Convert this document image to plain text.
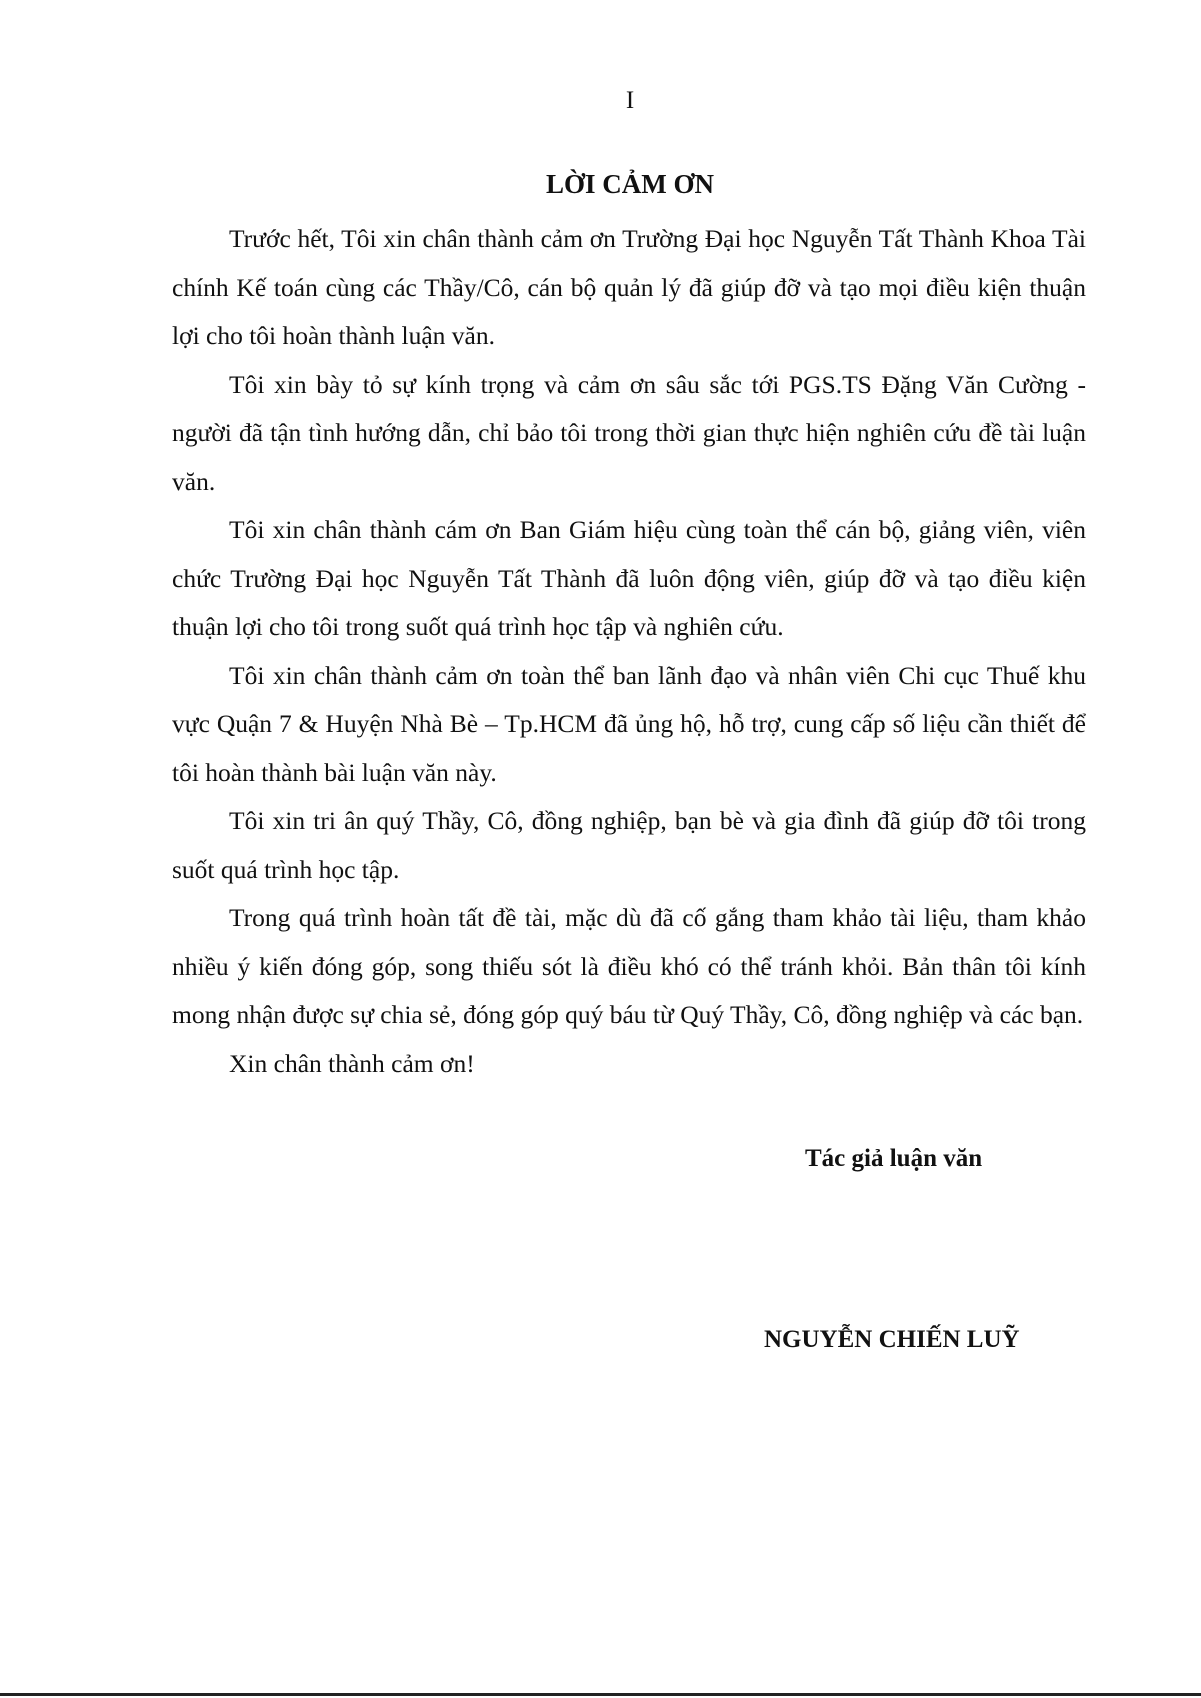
I
LỜI CẢM ƠN

Trước hết, Tôi xin chân thành cảm ơn Trường Đại học Nguyễn Tất Thành Khoa Tài chính Kế toán cùng các Thầy/Cô, cán bộ quản lý đã giúp đỡ và tạo mọi điều kiện thuận lợi cho tôi hoàn thành luận văn.

Tôi xin bày tỏ sự kính trọng và cảm ơn sâu sắc tới PGS.TS Đặng Văn Cường - người đã tận tình hướng dẫn, chỉ bảo tôi trong thời gian thực hiện nghiên cứu đề tài luận văn.

Tôi xin chân thành cám ơn Ban Giám hiệu cùng toàn thể cán bộ, giảng viên, viên chức Trường Đại học Nguyễn Tất Thành đã luôn động viên, giúp đỡ và tạo điều kiện thuận lợi cho tôi trong suốt quá trình học tập và nghiên cứu.

Tôi xin chân thành cảm ơn toàn thể ban lãnh đạo và nhân viên Chi cục Thuế khu vực Quận 7 & Huyện Nhà Bè – Tp.HCM đã ủng hộ, hỗ trợ, cung cấp số liệu cần thiết để tôi hoàn thành bài luận văn này.

Tôi xin tri ân quý Thầy, Cô, đồng nghiệp, bạn bè và gia đình đã giúp đỡ tôi trong suốt quá trình học tập.

Trong quá trình hoàn tất đề tài, mặc dù đã cố gắng tham khảo tài liệu, tham khảo nhiều ý kiến đóng góp, song thiếu sót là điều khó có thể tránh khỏi. Bản thân tôi kính mong nhận được sự chia sẻ, đóng góp quý báu từ Quý Thầy, Cô, đồng nghiệp và các bạn.

Xin chân thành cảm ơn!

Tác giả luận văn
NGUYỄN CHIẾN LUỸ
